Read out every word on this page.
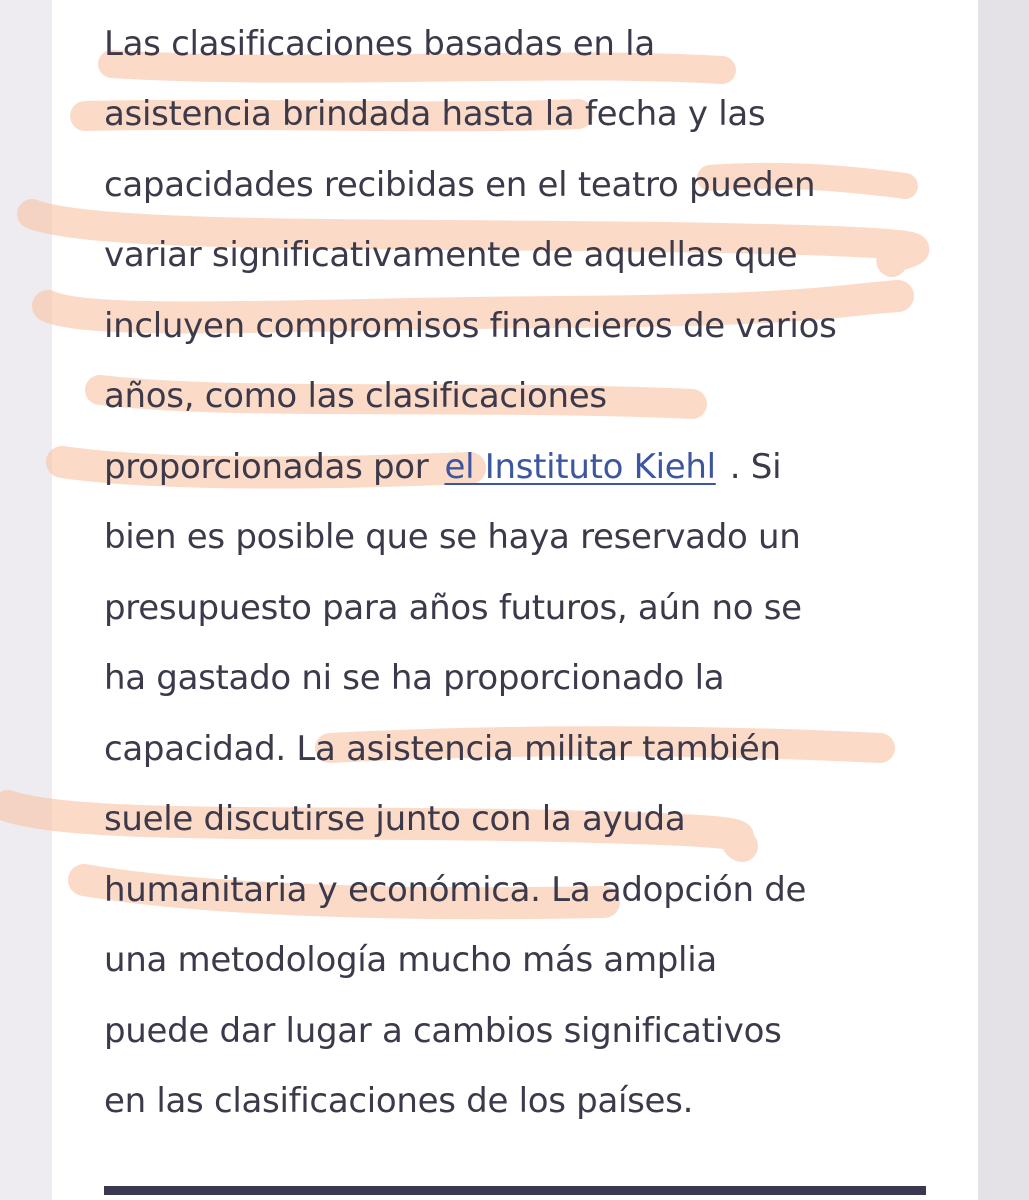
Las clasificaciones basadas en la
asistencia brindada hasta la fecha y las
capacidades recibidas en el teatro pueden
variar significativamente de aquellas que
incluyen compromisos financieros de varios
años, como las clasificaciones
proporcionadas por el Instituto Kiehl . Si
bien es posible que se haya reservado un
presupuesto para años futuros, aún no se
ha gastado ni se ha proporcionado la
capacidad. La asistencia militar también
suele discutirse junto con la ayuda
humanitaria y económica. La adopción de
una metodología mucho más amplia
puede dar lugar a cambios significativos
en las clasificaciones de los países.
